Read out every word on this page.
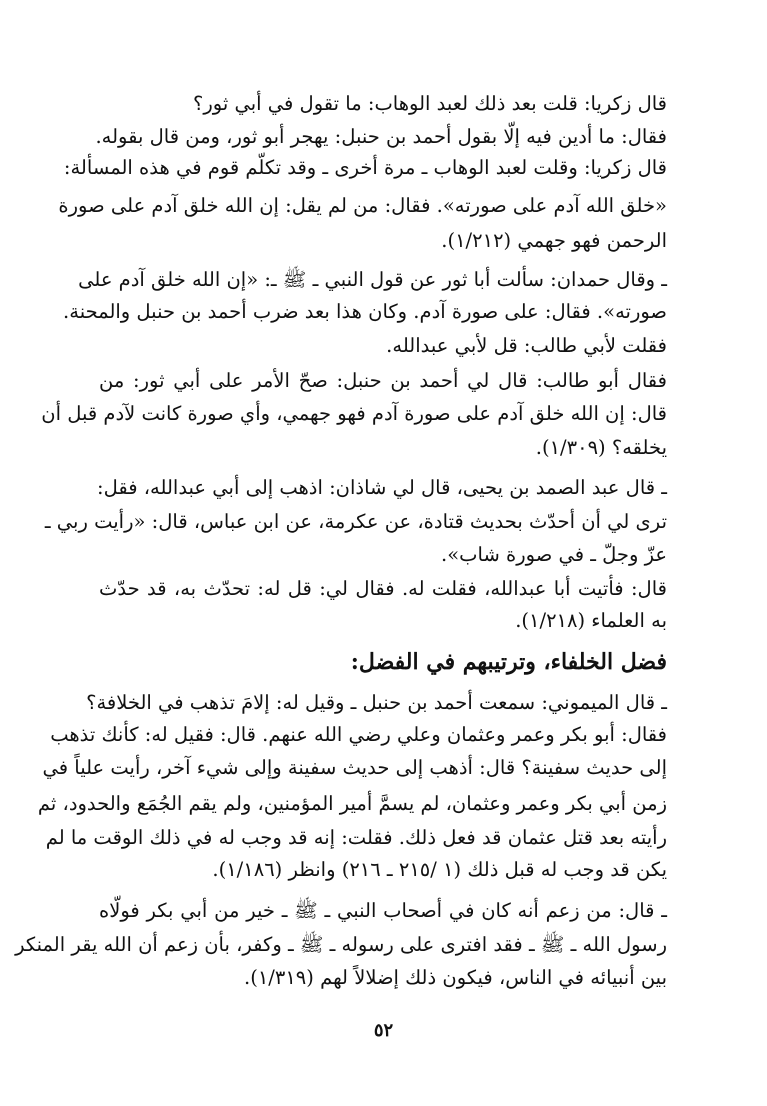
قال زكريا: قلت بعد ذلك لعبد الوهاب: ما تقول في أبي ثور؟
فقال: ما أدين فيه إلّا بقول أحمد بن حنبل: يهجر أبو ثور، ومن قال بقوله.
قال زكريا: وقلت لعبد الوهاب ـ مرة أخرى ـ وقد تكلّم قوم في هذه المسألة:
«خلق الله آدم على صورته». فقال: من لم يقل: إن الله خلق آدم على صورة
الرحمن فهو جهمي (١/٢١٢).
ـ وقال حمدان: سألت أبا ثور عن قول النبي ـ ﷺ ـ: «إن الله خلق آدم على
صورته». فقال: على صورة آدم. وكان هذا بعد ضرب أحمد بن حنبل والمحنة.
فقلت لأبي طالب: قل لأبي عبدالله.
فقال أبو طالب: قال لي أحمد بن حنبل: صحّ الأمر على أبي ثور: من
قال: إن الله خلق آدم على صورة آدم فهو جهمي، وأي صورة كانت لآدم قبل أن
يخلقه؟ (١/٣٠٩).
ـ قال عبد الصمد بن يحيى، قال لي شاذان: اذهب إلى أبي عبدالله، فقل:
ترى لي أن أحدّث بحديث قتادة، عن عكرمة، عن ابن عباس، قال: «رأيت ربي ـ
عزّ وجلّ ـ في صورة شاب».
قال: فأتيت أبا عبدالله، فقلت له. فقال لي: قل له: تحدّث به، قد حدّث
به العلماء (١/٢١٨).
فضل الخلفاء، وترتيبهم في الفضل:
ـ قال الميموني: سمعت أحمد بن حنبل ـ وقيل له: إلامَ تذهب في الخلافة؟
فقال: أبو بكر وعمر وعثمان وعلي رضي الله عنهم. قال: فقيل له: كأنك تذهب
إلى حديث سفينة؟ قال: أذهب إلى حديث سفينة وإلى شيء آخر، رأيت علياً في
زمن أبي بكر وعمر وعثمان، لم يسمَّ أمير المؤمنين، ولم يقم الجُمَع والحدود، ثم
رأيته بعد قتل عثمان قد فعل ذلك. فقلت: إنه قد وجب له في ذلك الوقت ما لم
يكن قد وجب له قبل ذلك (١ /٢١٥ ـ ٢١٦) وانظر (١/١٨٦).
ـ قال: من زعم أنه كان في أصحاب النبي ـ ﷺ ـ خير من أبي بكر فولّاه
رسول الله ـ ﷺ ـ فقد افترى على رسوله ـ ﷺ ـ وكفر، بأن زعم أن الله يقر المنكر
بين أنبيائه في الناس، فيكون ذلك إضلالاً لهم (١/٣١٩).
٥٢
